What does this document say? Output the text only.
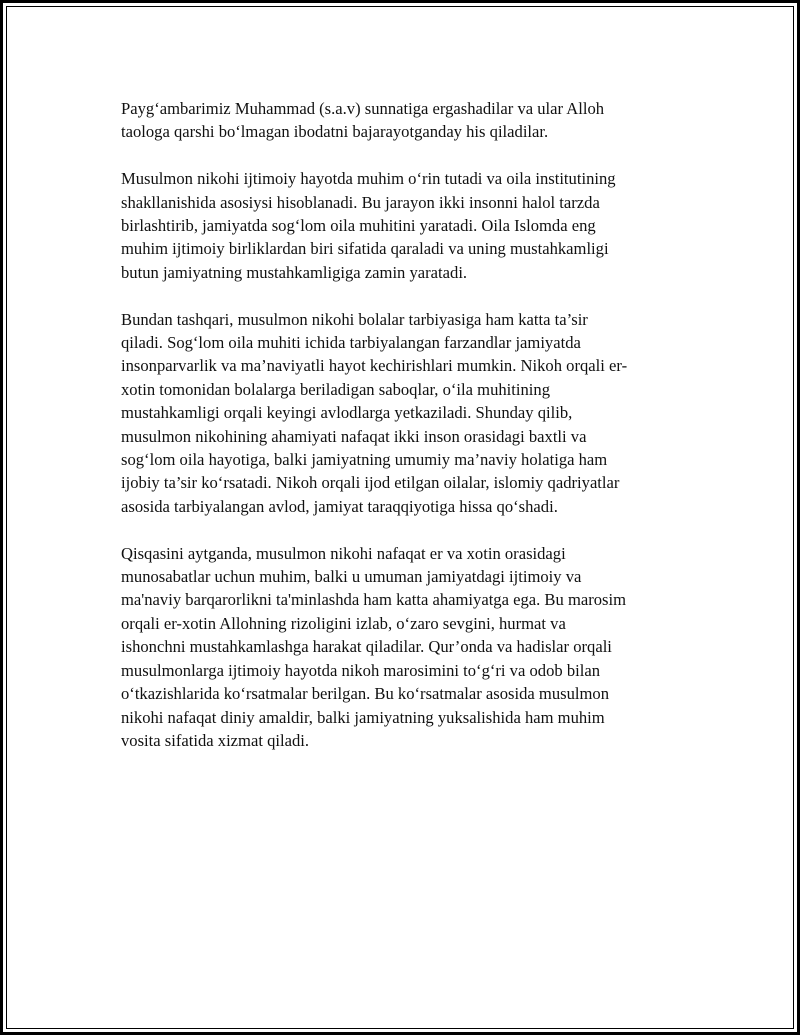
Payg‘ambarimiz Muhammad (s.a.v) sunnatiga ergashadilar va ular Alloh
taologa qarshi bo‘lmagan ibodatni bajarayotganday his qiladilar.

Musulmon nikohi ijtimoiy hayotda muhim o‘rin tutadi va oila institutining
shakllanishida asosiysi hisoblanadi. Bu jarayon ikki insonni halol tarzda
birlashtirib, jamiyatda sog‘lom oila muhitini yaratadi. Oila Islomda eng
muhim ijtimoiy birliklardan biri sifatida qaraladi va uning mustahkamligi
butun jamiyatning mustahkamligiga zamin yaratadi.

Bundan tashqari, musulmon nikohi bolalar tarbiyasiga ham katta ta’sir
qiladi. Sog‘lom oila muhiti ichida tarbiyalangan farzandlar jamiyatda
insonparvarlik va ma’naviyatli hayot kechirishlari mumkin. Nikoh orqali er-
xotin tomonidan bolalarga beriladigan saboqlar, o‘ila muhitining
mustahkamligi orqali keyingi avlodlarga yetkaziladi. Shunday qilib,
musulmon nikohining ahamiyati nafaqat ikki inson orasidagi baxtli va
sog‘lom oila hayotiga, balki jamiyatning umumiy ma’naviy holatiga ham
ijobiy ta’sir ko‘rsatadi. Nikoh orqali ijod etilgan oilalar, islomiy qadriyatlar
asosida tarbiyalangan avlod, jamiyat taraqqiyotiga hissa qo‘shadi.

Qisqasini aytganda, musulmon nikohi nafaqat er va xotin orasidagi
munosabatlar uchun muhim, balki u umuman jamiyatdagi ijtimoiy va
ma'naviy barqarorlikni ta'minlashda ham katta ahamiyatga ega. Bu marosim
orqali er-xotin Allohning rizoligini izlab, o‘zaro sevgini, hurmat va
ishonchni mustahkamlashga harakat qiladilar. Qur’onda va hadislar orqali
musulmonlarga ijtimoiy hayotda nikoh marosimini to‘g‘ri va odob bilan
o‘tkazishlarida ko‘rsatmalar berilgan. Bu ko‘rsatmalar asosida musulmon
nikohi nafaqat diniy amaldir, balki jamiyatning yuksalishida ham muhim
vosita sifatida xizmat qiladi.
